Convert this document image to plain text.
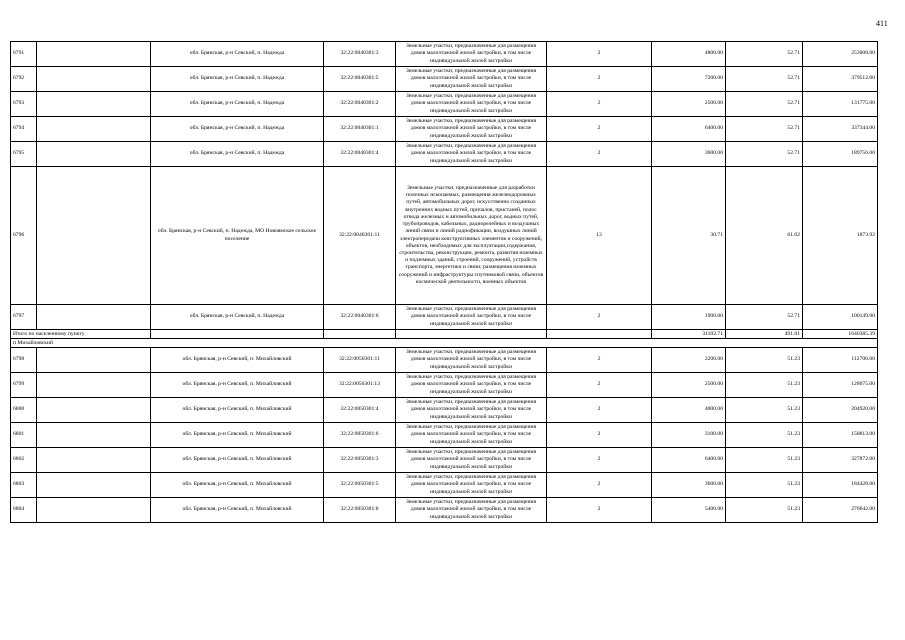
411
6791		обл. Брянская, р-н Севский, п. Надежда	32:22:0040301:3	Земельные участки, предназначенные для размещения домов малоэтажной жилой застройки, в том числе индивидуальной жилой застройки	2	4800.00	52.71	253008.00
6792		обл. Брянская, р-н Севский, п. Надежда	32:22:0040301:5	Земельные участки, предназначенные для размещения домов малоэтажной жилой застройки, в том числе индивидуальной жилой застройки	2	7200.00	52.71	379512.00
6793		обл. Брянская, р-н Севский, п. Надежда	32:22:0040301:2	Земельные участки, предназначенные для размещения домов малоэтажной жилой застройки, в том числе индивидуальной жилой застройки	2	2500.00	52.71	131775.00
6794		обл. Брянская, р-н Севский, п. Надежда	32:22:0040301:1	Земельные участки, предназначенные для размещения домов малоэтажной жилой застройки, в том числе индивидуальной жилой застройки	2	6400.00	52.71	337344.00
6795		обл. Брянская, р-н Севский, п. Надежда	32:22:0040301:4	Земельные участки, предназначенные для размещения домов малоэтажной жилой застройки, в том числе индивидуальной жилой застройки	2	3600.00	52.71	189756.00
6796		обл. Брянская, р-н Севский, п. Надежда, МО Новоямское сельское поселение	32:22:0040301:11	Земельные участки, предназначенные для разработки полезных ископаемых, размещения железнодорожных путей, автомобильных дорог, искусственно созданных внутренних водных путей, причалов, пристаней, полос отвода железных и автомобильных дорог, водных путей, трубопроводов, кабельных, радиорелейных и воздушных линий связи и линий радиофикации, воздушных линий электропередачи конструктивных элементов и сооружений, объектов, необходимых для эксплуатации,содержания, строительства, реконструкции, ремонта, развития наземных и подземных зданий, строений, сооружений, устройств транспорта, энергетики и связи; размещения наземных сооружений и инфраструктуры спутниковой связи, объектов космической деятельности, военных объектов	13	30.71	61.02	1873.92
6797		обл. Брянская, р-н Севский, п. Надежда	32:22:0040301:6	Земельные участки, предназначенные для размещения домов малоэтажной жилой застройки, в том числе индивидуальной жилой застройки	2	1900.00	52.71	100149.00
Итого по населенному пункту						31102.71	491.01	1640385.39
п Михайловский								
6798		обл. Брянская, р-н Севский, п. Михайловский	32:22:0050301:11	Земельные участки, предназначенные для размещения домов малоэтажной жилой застройки, в том числе индивидуальной жилой застройки	2	2200.00	51.23	112706.00
6799		обл. Брянская, р-н Севский, п. Михайловский	32:22:0050301:13	Земельные участки, предназначенные для размещения домов малоэтажной жилой застройки, в том числе индивидуальной жилой застройки	2	2500.00	51.23	128075.00
6800		обл. Брянская, р-н Севский, п. Михайловский	32:22:0050301:4	Земельные участки, предназначенные для размещения домов малоэтажной жилой застройки, в том числе индивидуальной жилой застройки	2	4000.00	51.23	204920.00
6801		обл. Брянская, р-н Севский, п. Михайловский	32:22:0050301:6	Земельные участки, предназначенные для размещения домов малоэтажной жилой застройки, в том числе индивидуальной жилой застройки	2	3100.00	51.23	158813.00
6802		обл. Брянская, р-н Севский, п. Михайловский	32:22:0050301:3	Земельные участки, предназначенные для размещения домов малоэтажной жилой застройки, в том числе индивидуальной жилой застройки	2	6400.00	51.23	327872.00
6803		обл. Брянская, р-н Севский, п. Михайловский	32:22:0050301:5	Земельные участки, предназначенные для размещения домов малоэтажной жилой застройки, в том числе индивидуальной жилой застройки	2	3600.00	51.23	184428.00
6804		обл. Брянская, р-н Севский, п. Михайловский	32:22:0050301:8	Земельные участки, предназначенные для размещения домов малоэтажной жилой застройки, в том числе индивидуальной жилой застройки	2	5400.00	51.23	276642.00
